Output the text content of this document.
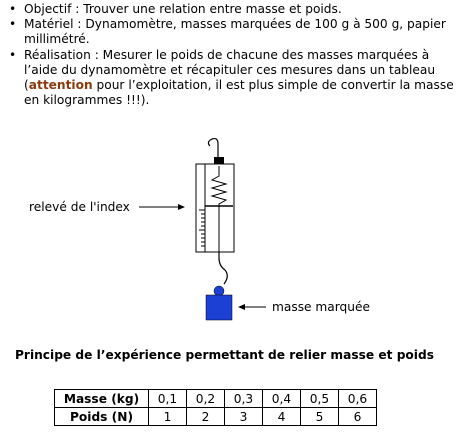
• Objectif : Trouver une relation entre masse et poids.
• Matériel : Dynamomètre, masses marquées de 100 g à 500 g, papier millimétré.
• Réalisation : Mesurer le poids de chacune des masses marquées à l’aide du dynamomètre et récapituler ces mesures dans un tableau (attention pour l’exploitation, il est plus simple de convertir la masse en kilogrammes !!!).
relevé de l'index
masse marquée
Principe de l’expérience permettant de relier masse et poids
Masse (kg)	0,1	0,2	0,3	0,4	0,5	0,6
Poids (N)	1	2	3	4	5	6
